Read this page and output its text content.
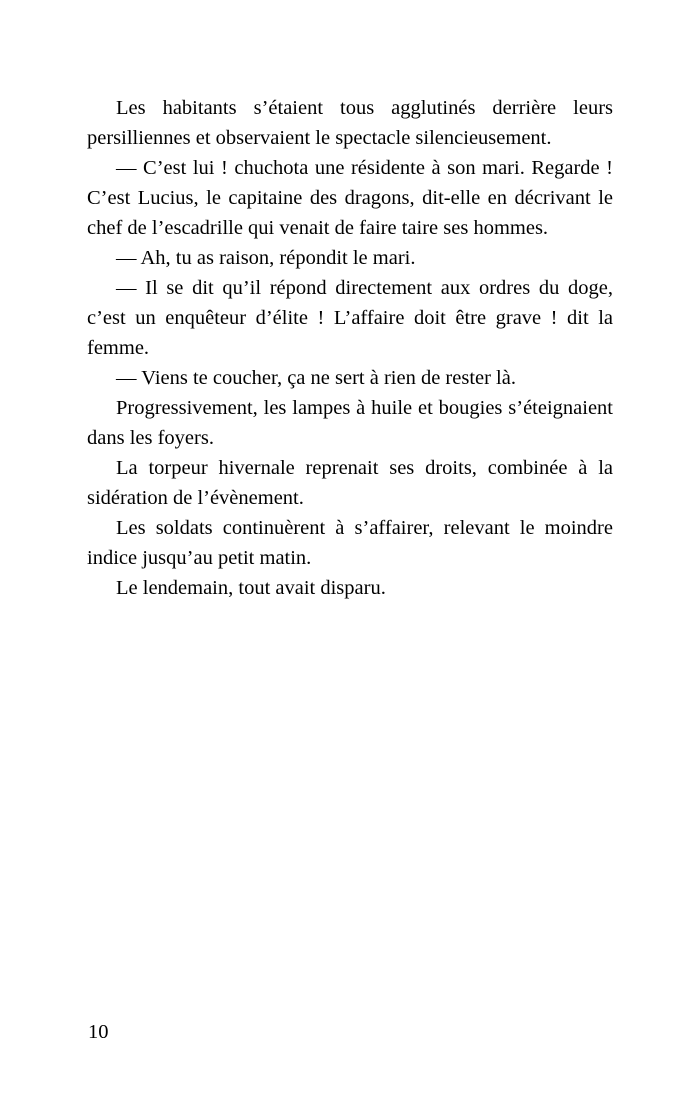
Les habitants s’étaient tous agglutinés derrière leurs persilliennes et observaient le spectacle silencieusement.

— C’est lui ! chuchota une résidente à son mari. Regarde ! C’est Lucius, le capitaine des dragons, dit-elle en décrivant le chef de l’escadrille qui venait de faire taire ses hommes.

— Ah, tu as raison, répondit le mari.

— Il se dit qu’il répond directement aux ordres du doge, c’est un enquêteur d’élite ! L’affaire doit être grave ! dit la femme.

— Viens te coucher, ça ne sert à rien de rester là.

Progressivement, les lampes à huile et bougies s’éteignaient dans les foyers.

La torpeur hivernale reprenait ses droits, combinée à la sidération de l’évènement.

Les soldats continuèrent à s’affairer, relevant le moindre indice jusqu’au petit matin.

Le lendemain, tout avait disparu.

10
